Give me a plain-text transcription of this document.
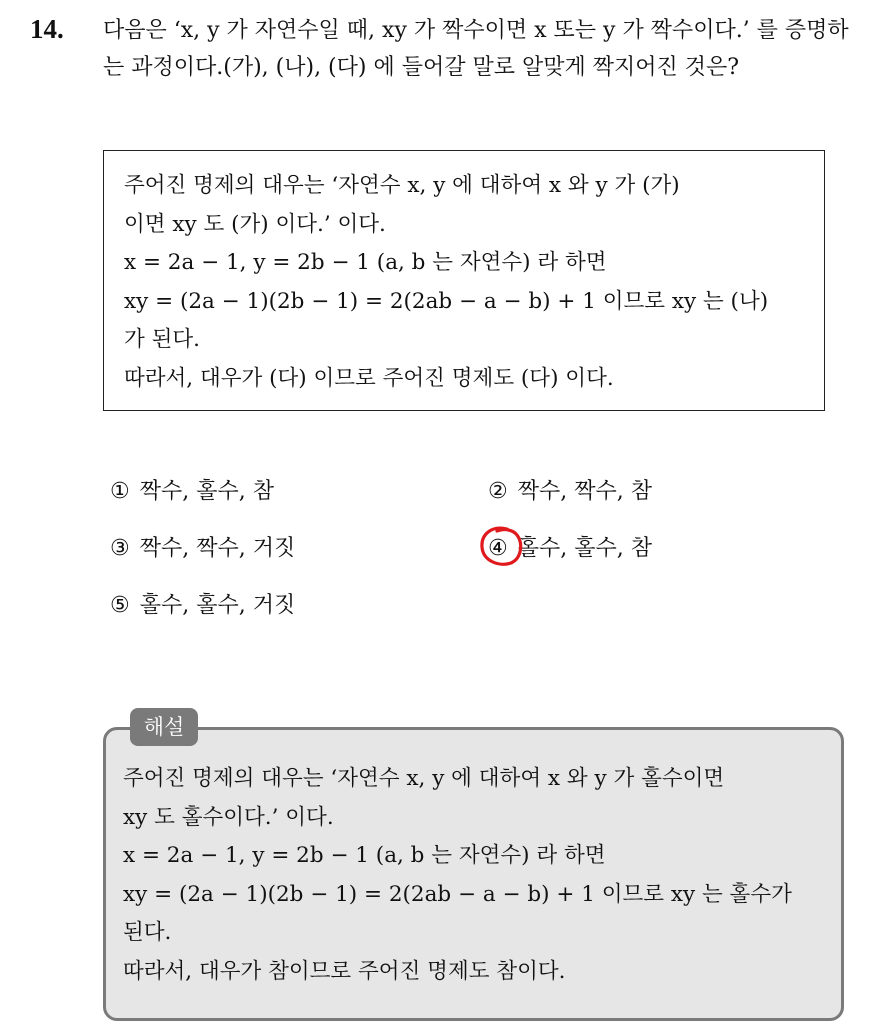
14. 다음은 ‘x, y 가 자연수일 때, xy 가 짝수이면 x 또는 y 가 짝수이다.’ 를 증명하는 과정이다.(가), (나), (다) 에 들어갈 말로 알맞게 짝지어진 것은?

주어진 명제의 대우는 ‘자연수 x, y 에 대하여 x 와 y 가 (가)

이면 xy 도 (가) 이다.’ 이다.

x = 2a − 1, y = 2b − 1 (a, b 는 자연수) 라 하면

xy = (2a − 1)(2b − 1) = 2(2ab − a − b) + 1 이므로 xy 는 (나)

가 된다.

따라서, 대우가 (다) 이므로 주어진 명제도 (다) 이다.

① 짝수, 홀수, 참	② 짝수, 짝수, 참
③ 짝수, 짝수, 거짓	④ 홀수, 홀수, 참
⑤ 홀수, 홀수, 거짓

주어진 명제의 대우는 ‘자연수 x, y 에 대하여 x 와 y 가 홀수이면

xy 도 홀수이다.’ 이다.

x = 2a − 1, y = 2b − 1 (a, b 는 자연수) 라 하면

xy = (2a − 1)(2b − 1) = 2(2ab − a − b) + 1 이므로 xy 는 홀수가

된다.

따라서, 대우가 참이므로 주어진 명제도 참이다.

해설
